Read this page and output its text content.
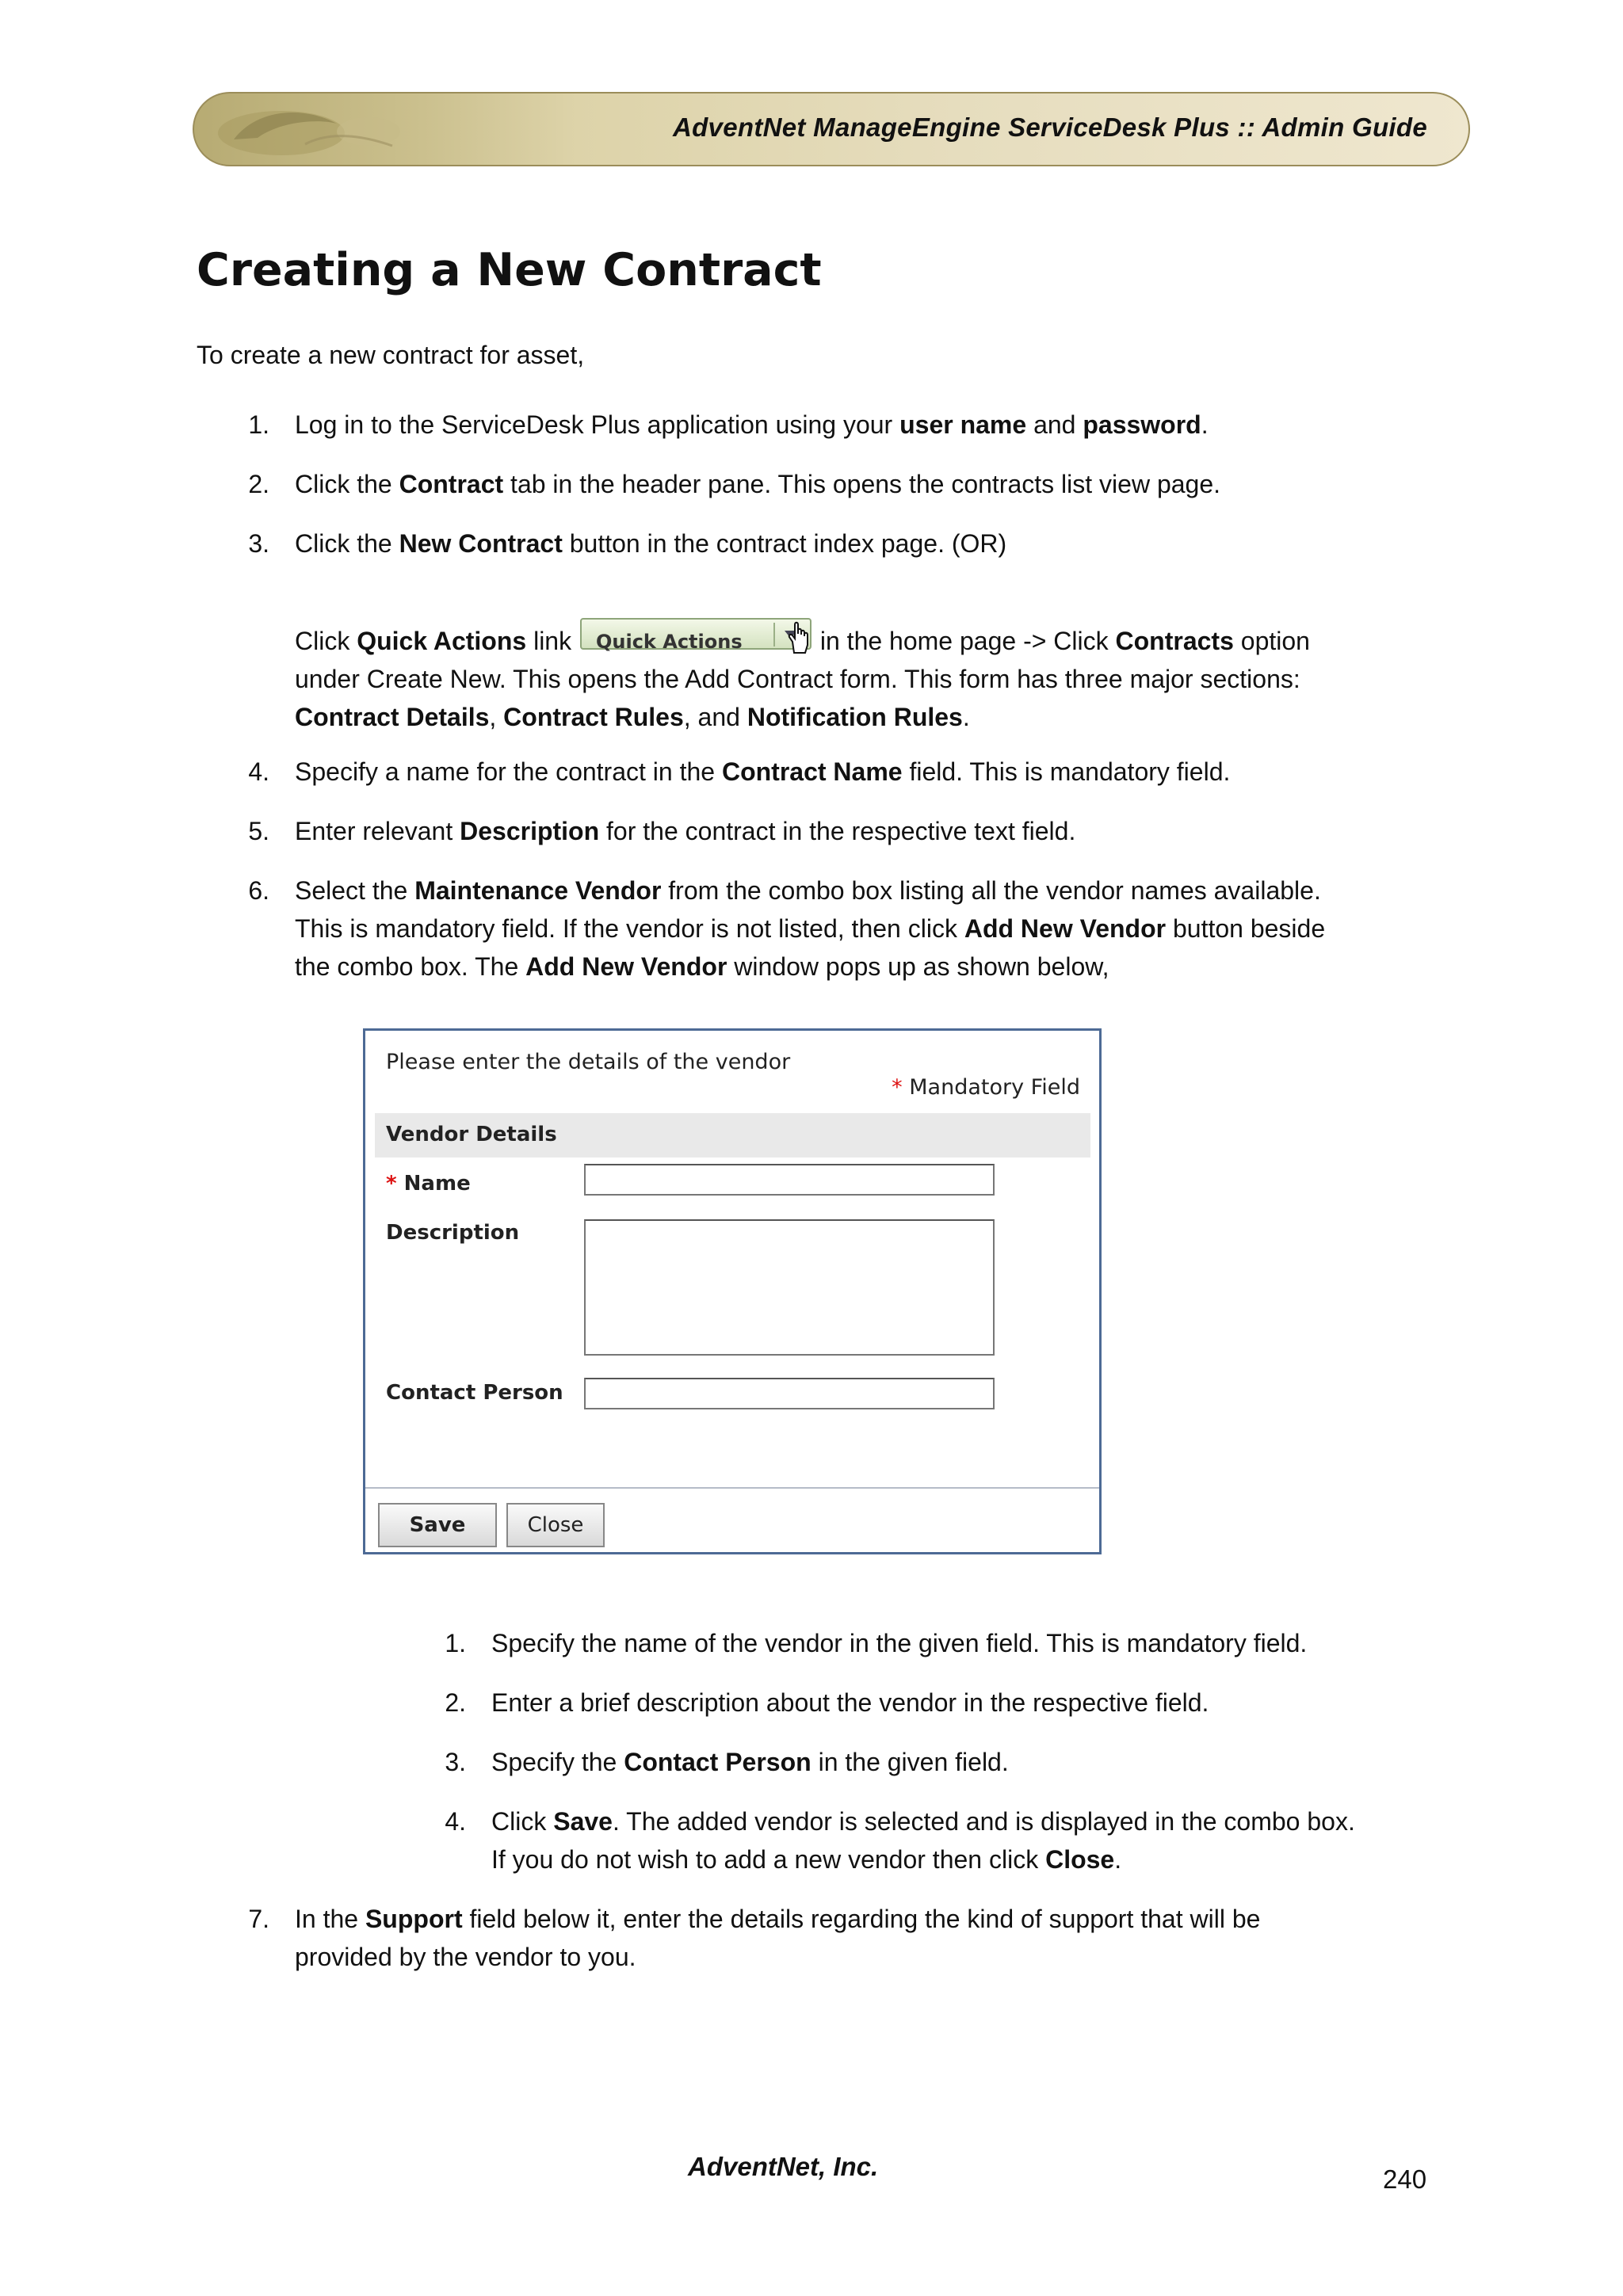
AdventNet ManageEngine ServiceDesk Plus :: Admin Guide
Creating a New Contract
To create a new contract for asset,
1. Log in to the ServiceDesk Plus application using your user name and password.
2. Click the Contract tab in the header pane. This opens the contracts list view page.
3. Click the New Contract button in the contract index page. (OR)
Click Quick Actions link Quick Actions	in the home page -> Click Contracts option
under Create New. This opens the Add Contract form. This form has three major sections:
Contract Details, Contract Rules, and Notification Rules.
4. Specify a name for the contract in the Contract Name field. This is mandatory field.
5. Enter relevant Description for the contract in the respective text field.
6. Select the Maintenance Vendor from the combo box listing all the vendor names available.
This is mandatory field. If the vendor is not listed, then click Add New Vendor button beside
the combo box. The Add New Vendor window pops up as shown below,
Please enter the details of the vendor
* Mandatory Field
Vendor Details
* Name
Description
Contact Person
Save	Close
1. Specify the name of the vendor in the given field. This is mandatory field.
2. Enter a brief description about the vendor in the respective field.
3. Specify the Contact Person in the given field.
4. Click Save. The added vendor is selected and is displayed in the combo box.
If you do not wish to add a new vendor then click Close.
7. In the Support field below it, enter the details regarding the kind of support that will be
provided by the vendor to you.
AdventNet, Inc.	240
